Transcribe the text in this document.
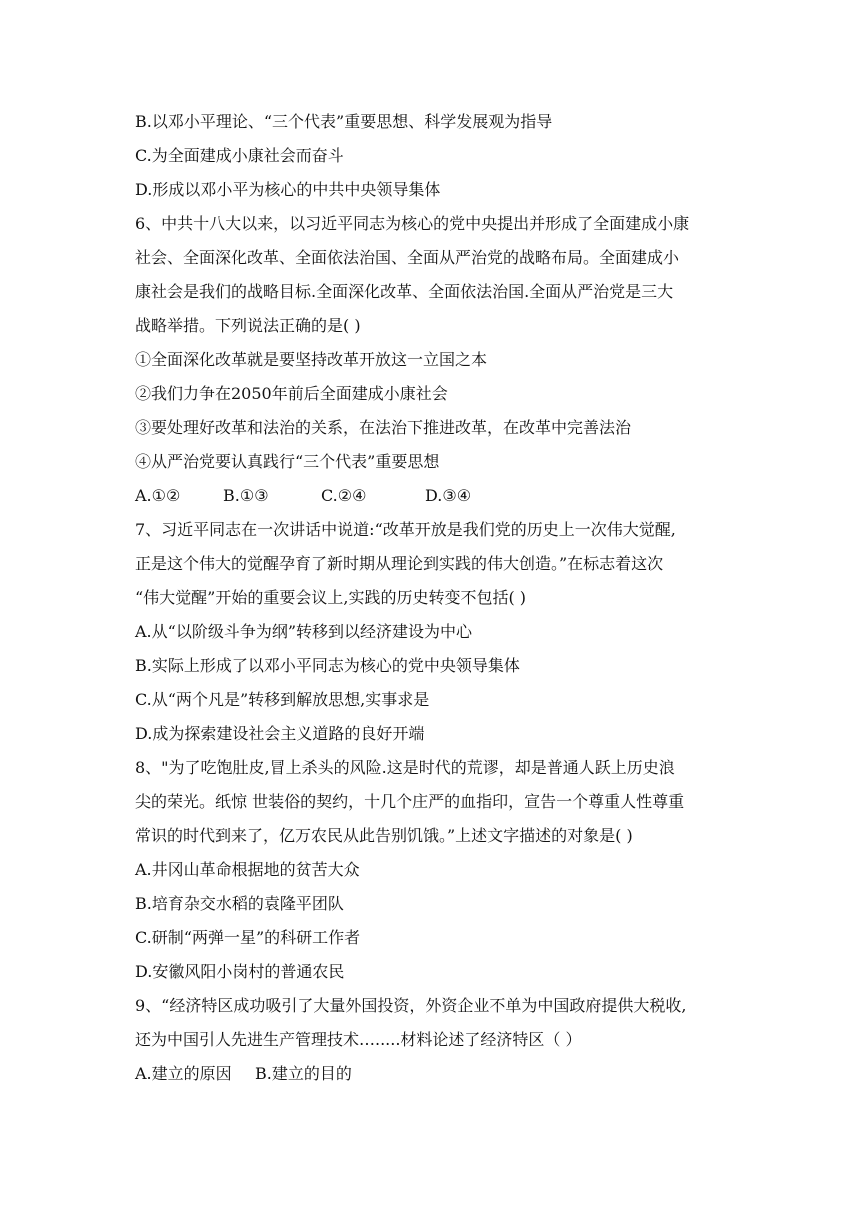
B.以邓小平理论、“三个代表”重要思想、科学发展观为指导
C.为全面建成小康社会而奋斗
D.形成以邓小平为核心的中共中央领导集体
6、中共十八大以来，以习近平同志为核心的党中央提出并形成了全面建成小康
社会、全面深化改革、全面依法治国、全面从严治党的战略布局。全面建成小
康社会是我们的战略目标.全面深化改革、全面依法治国.全面从严治党是三大
战略举措。下列说法正确的是( )
①全面深化改革就是要坚持改革开放这一立国之本
②我们力争在2050年前后全面建成小康社会
③要处理好改革和法治的关系，在法治下推进改革，在改革中完善法治
④从严治党要认真践行“三个代表”重要思想
A.①②	B.①③	C.②④	D.③④
7、习近平同志在一次讲话中说道:“改革开放是我们党的历史上一次伟大觉醒,
正是这个伟大的觉醒孕育了新时期从理论到实践的伟大创造。”在标志着这次
“伟大觉醒”开始的重要会议上,实践的历史转变不包括( )
A.从“以阶级斗争为纲”转移到以经济建设为中心
B.实际上形成了以邓小平同志为核心的党中央领导集体
C.从“两个凡是”转移到解放思想,实事求是
D.成为探索建设社会主义道路的良好开端
8、"为了吃饱肚皮,冒上杀头的风险.这是时代的荒谬，却是普通人跃上历史浪
尖的荣光。纸惊 世装俗的契约，十几个庄严的血指印，宣告一个尊重人性尊重
常识的时代到来了，亿万农民从此告别饥饿。”上述文字描述的对象是( )
A.井冈山革命根据地的贫苦大众
B.培育杂交水稻的袁隆平团队
C.研制“两弹一星”的科研工作者
D.安徽风阳小岗村的普通农民
9、“经济特区成功吸引了大量外国投资，外资企业不单为中国政府提供大税收,
还为中国引人先进生产管理技术….....材料论述了经济特区（ ）
A.建立的原因 B.建立的目的
